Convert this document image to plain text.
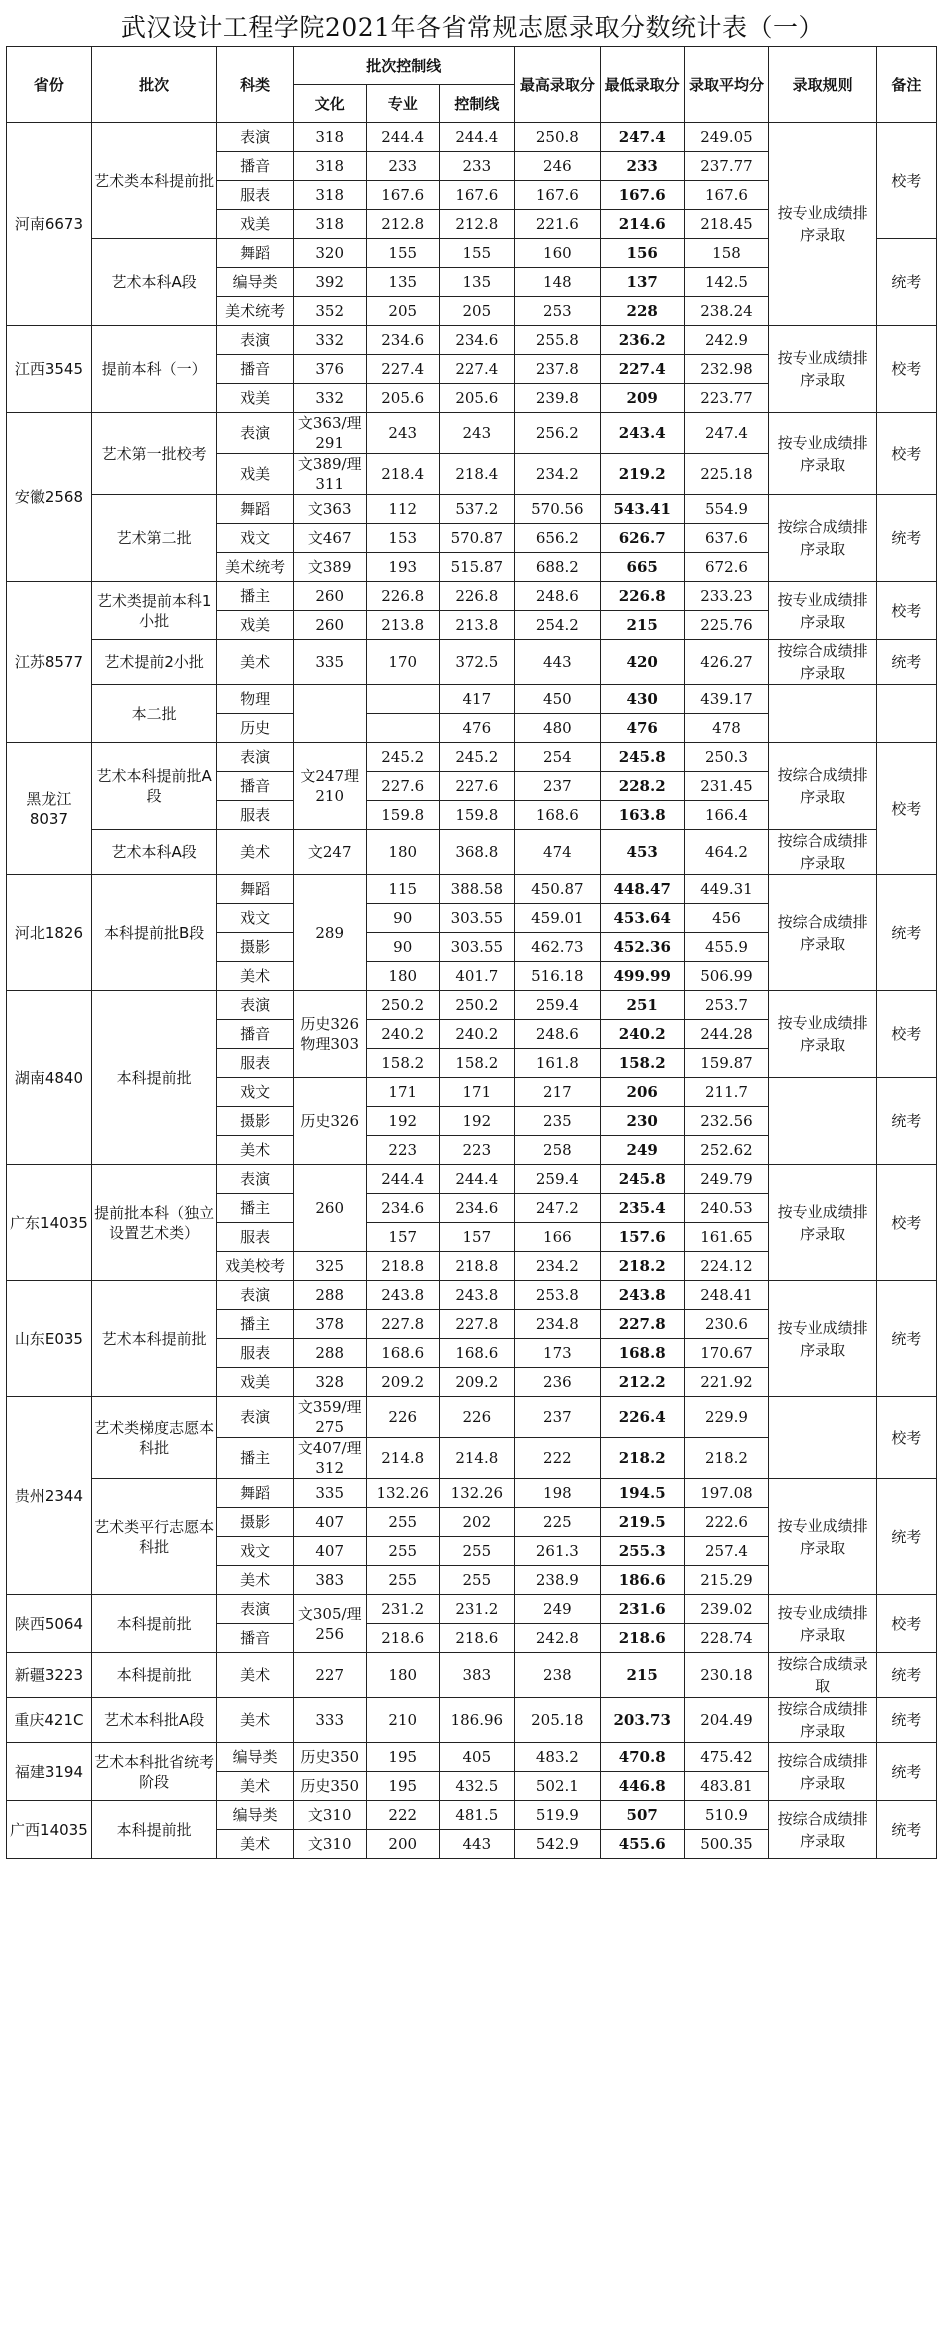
武汉设计工程学院2021年各省常规志愿录取分数统计表（一）
省份	批次	科类	批次控制线			最高录取分	最低录取分	录取平均分	录取规则	备注
			文化	专业	控制线					
河南6673	艺术类本科提前批	表演	318	244.4	244.4	250.8	247.4	249.05	按专业成绩排序录取	校考
		播音	318	233	233	246	233	237.77		
		服表	318	167.6	167.6	167.6	167.6	167.6		
		戏美	318	212.8	212.8	221.6	214.6	218.45		
	艺术本科A段	舞蹈	320	155	155	160	156	158		统考
		编导类	392	135	135	148	137	142.5		
		美术统考	352	205	205	253	228	238.24		
江西3545	提前本科（一）	表演	332	234.6	234.6	255.8	236.2	242.9	按专业成绩排序录取	校考
		播音	376	227.4	227.4	237.8	227.4	232.98		
		戏美	332	205.6	205.6	239.8	209	223.77		
安徽2568	艺术第一批校考	表演	文363/理291	243	243	256.2	243.4	247.4	按专业成绩排序录取	校考
		戏美	文389/理311	218.4	218.4	234.2	219.2	225.18		
	艺术第二批	舞蹈	文363	112	537.2	570.56	543.41	554.9	按综合成绩排序录取	统考
		戏文	文467	153	570.87	656.2	626.7	637.6		
		美术统考	文389	193	515.87	688.2	665	672.6		
江苏8577	艺术类提前本科1小批	播主	260	226.8	226.8	248.6	226.8	233.23	按专业成绩排序录取	校考
		戏美	260	213.8	213.8	254.2	215	225.76		
	艺术提前2小批	美术	335	170	372.5	443	420	426.27	按综合成绩排序录取	统考
	本二批	物理			417	450	430	439.17		
		历史			476	480	476	478		
黑龙江8037	艺术本科提前批A段	表演	文247理210	245.2	245.2	254	245.8	250.3	按综合成绩排序录取	校考
		播音		227.6	227.6	237	228.2	231.45		
		服表		159.8	159.8	168.6	163.8	166.4		
	艺术本科A段	美术	文247	180	368.8	474	453	464.2	按综合成绩排序录取	
河北1826	本科提前批B段	舞蹈	289	115	388.58	450.87	448.47	449.31	按综合成绩排序录取	统考
		戏文		90	303.55	459.01	453.64	456		
		摄影		90	303.55	462.73	452.36	455.9		
		美术		180	401.7	516.18	499.99	506.99		
湖南4840	本科提前批	表演	历史326物理303	250.2	250.2	259.4	251	253.7	按专业成绩排序录取	校考
		播音		240.2	240.2	248.6	240.2	244.28		
		服表		158.2	158.2	161.8	158.2	159.87		
		戏文	历史326	171	171	217	206	211.7		统考
		摄影		192	192	235	230	232.56		
		美术		223	223	258	249	252.62		
广东14035	提前批本科（独立设置艺术类）	表演	260	244.4	244.4	259.4	245.8	249.79	按专业成绩排序录取	校考
		播主		234.6	234.6	247.2	235.4	240.53		
		服表		157	157	166	157.6	161.65		
		戏美校考	325	218.8	218.8	234.2	218.2	224.12		
山东E035	艺术本科提前批	表演	288	243.8	243.8	253.8	243.8	248.41	按专业成绩排序录取	统考
		播主	378	227.8	227.8	234.8	227.8	230.6		
		服表	288	168.6	168.6	173	168.8	170.67		
		戏美	328	209.2	209.2	236	212.2	221.92		
贵州2344	艺术类梯度志愿本科批	表演	文359/理275	226	226	237	226.4	229.9		校考
		播主	文407/理312	214.8	214.8	222	218.2	218.2		
	艺术类平行志愿本科批	舞蹈	335	132.26	132.26	198	194.5	197.08	按专业成绩排序录取	统考
		摄影	407	255	202	225	219.5	222.6		
		戏文	407	255	255	261.3	255.3	257.4		
		美术	383	255	255	238.9	186.6	215.29		
陕西5064	本科提前批	表演	文305/理256	231.2	231.2	249	231.6	239.02	按专业成绩排序录取	校考
		播音		218.6	218.6	242.8	218.6	228.74		
新疆3223	本科提前批	美术	227	180	383	238	215	230.18	按综合成绩录取	统考
重庆421C	艺术本科批A段	美术	333	210	186.96	205.18	203.73	204.49	按综合成绩排序录取	统考
福建3194	艺术本科批省统考阶段	编导类	历史350	195	405	483.2	470.8	475.42	按综合成绩排序录取	统考
		美术	历史350	195	432.5	502.1	446.8	483.81		
广西14035	本科提前批	编导类	文310	222	481.5	519.9	507	510.9	按综合成绩排序录取	统考
		美术	文310	200	443	542.9	455.6	500.35		
